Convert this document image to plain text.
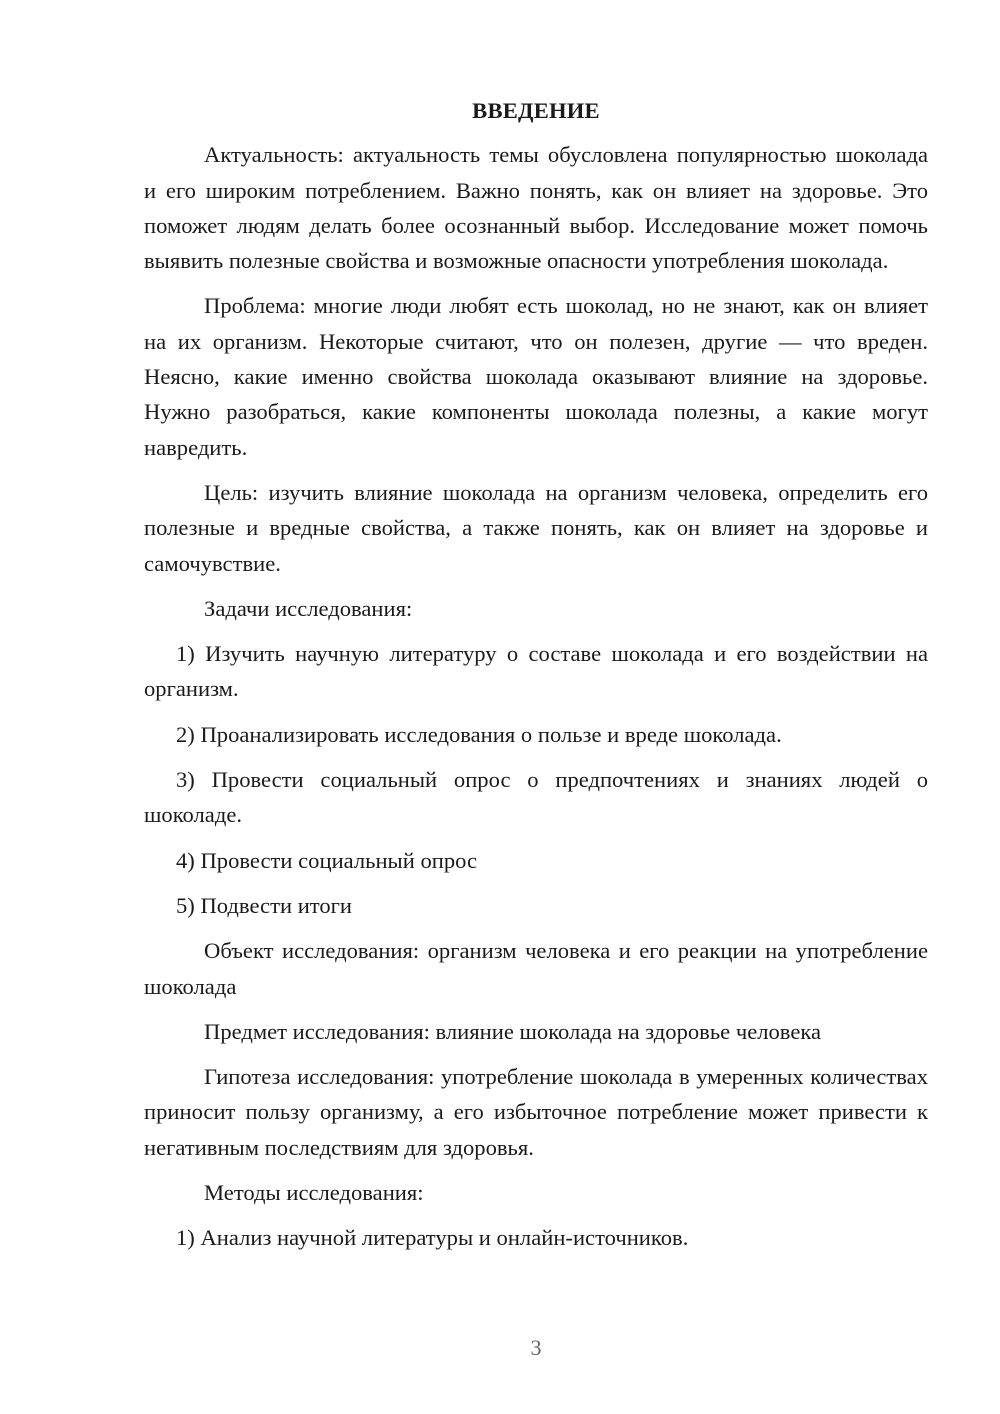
ВВЕДЕНИЕ

Актуальность: актуальность темы обусловлена популярностью шоколада и его широким потреблением. Важно понять, как он влияет на здоровье. Это поможет людям делать более осознанный выбор. Исследование может помочь выявить полезные свойства и возможные опасности употребления шоколада.

Проблема: многие люди любят есть шоколад, но не знают, как он влияет на их организм. Некоторые считают, что он полезен, другие — что вреден. Неясно, какие именно свойства шоколада оказывают влияние на здоровье. Нужно разобраться, какие компоненты шоколада полезны, а какие могут навредить.

Цель: изучить влияние шоколада на организм человека, определить его полезные и вредные свойства, а также понять, как он влияет на здоровье и самочувствие.

Задачи исследования:

1) Изучить научную литературу о составе шоколада и его воздействии на организм.

2) Проанализировать исследования о пользе и вреде шоколада.

3) Провести социальный опрос о предпочтениях и знаниях людей о шоколаде.

4) Провести социальный опрос

5) Подвести итоги

Объект исследования: организм человека и его реакции на употребление шоколада

Предмет исследования: влияние шоколада на здоровье человека

Гипотеза исследования: употребление шоколада в умеренных количествах приносит пользу организму, а его избыточное потребление может привести к негативным последствиям для здоровья.

Методы исследования:

1) Анализ научной литературы и онлайн-источников.

3
